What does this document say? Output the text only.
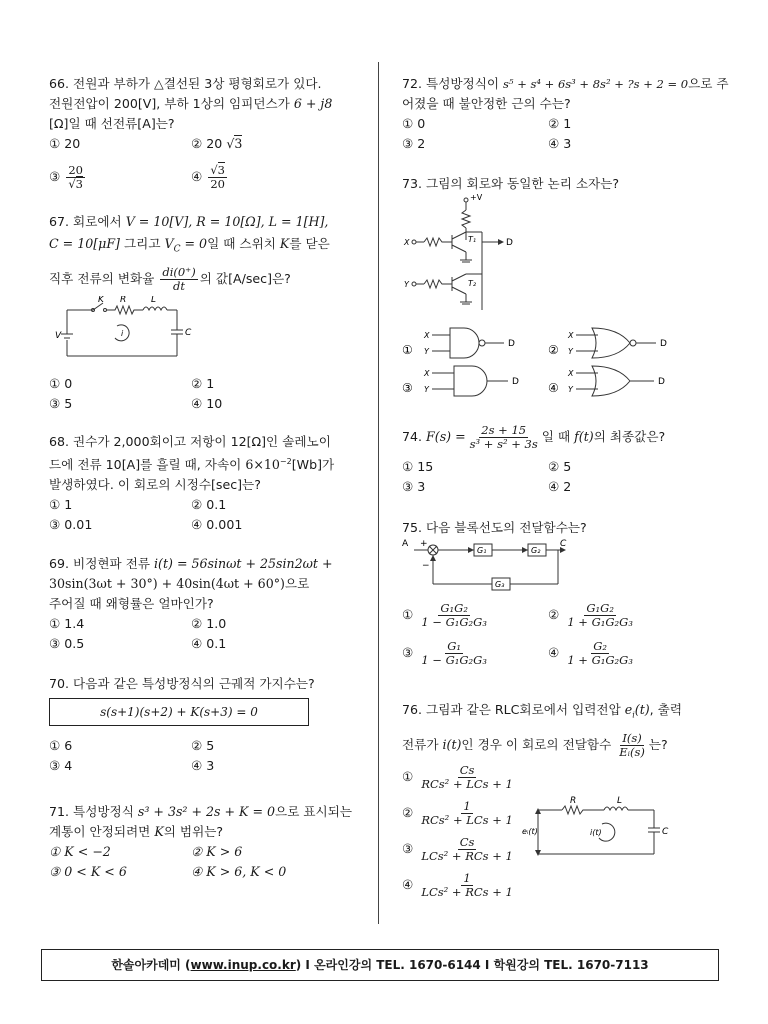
66. 전원과 부하가 △결선된 3상 평형회로가 있다.
전원전압이 200[V], 부하 1상의 임피던스가 6 + j8
[Ω]일 때 선전류[A]는?
① 20	② 20 √3
③ $\frac{20}{√3}$	④ $\frac{√3}{20}$
67. 회로에서 V = 10[V], R = 10[Ω], L = 1[H],
C = 10[μF] 그리고 $V_C = 0$일 때 스위치 K를 닫은
직후 전류의 변화율 $\frac{di(0^+)}{dt}$ 의 값[A/sec]은?
V
K R	L
C
i
① 0	② 1
③ 5	④ 10
68. 권수가 2,000회이고 저항이 12[Ω]인 솔레노이
드에 전류 10[A]를 흘릴 때, 자속이 $6\times 10^{-2}[Wb]$가
발생하였다. 이 회로의 시정수[sec]는?
① 1	② 0.1
③ 0.01	④ 0.001
69. 비정현파 전류 i(t) = 56sinωt + 25sin2ωt +
30sin(3ωt + 30°) + 40sin(4ωt + 60°)으로
주어질 때 왜형률은 얼마인가?
① 1.4	② 1.0
③ 0.5	④ 0.1
70. 다음과 같은 특성방정식의 근궤적 가지수는?
s(s+1)(s+2) + K(s+3) = 0
① 6	② 5
③ 4	④ 3
71. 특성방정식 s³ + 3s² + 2s + K = 0으로 표시되는
계통이 안정되려면 K의 범위는?
① K < −2	② K > 6
③ 0 < K < 6	④ K > 6, K < 0
72. 특성방정식이 s⁵ + s⁴ + 6s³ + 8s² + ?s + 2 = 0으로 주
어졌을 때 불안정한 근의 수는?
① 0	② 1
③ 2	④ 3
73. 그림의 회로와 동일한 논리 소자는?
+V
X
Y
T₁
T₂
D
①
X
Y
D	②
X
Y
D
③
X
Y
D ④
X
Y
D
74. $F(s) = \frac{2s + 15}{\text{s³ + s² + 3s}}$ 일 때 f(t)의 최종값은?
① 15	② 5
③ 3	④ 2
75. 다음 블록선도의 전달함수는?
A +
−
G₁	G₂
G₃
C
① $\frac{\text{G₁G₂}}{\text{1 − G₁G₂G₃}}$	② $\frac{\text{G₁G₂}}{\text{1 + G₁G₂G₃}}$
③ $\frac{\text{G₁}}{\text{1 − G₁G₂G₃}}$	④ $\frac{\text{G₂}}{\text{1 + G₁G₂G₃}}$
76. 그림과 같은 RLC회로에서 입력전압 $e_i(t)$, 출력
전류가 i(t)인 경우 이 회로의 전달함수 $\frac{I(s)}{\text{Eᵢ(s)}}$ 는?
① $\frac{Cs}{\text{RCs² + LCs + 1}}$
② $\frac{1}{\text{RCs² + LCs + 1}}$
③ $\frac{Cs}{\text{LCs² + RCs + 1}}$
④ $\frac{1}{\text{LCs² + RCs + 1}}$
R	L
eᵢ(t)	i(t)	C
한솔아카데미 (www.inup.co.kr) I 온라인강의 TEL. 1670-6144 I 학원강의 TEL. 1670-7113
